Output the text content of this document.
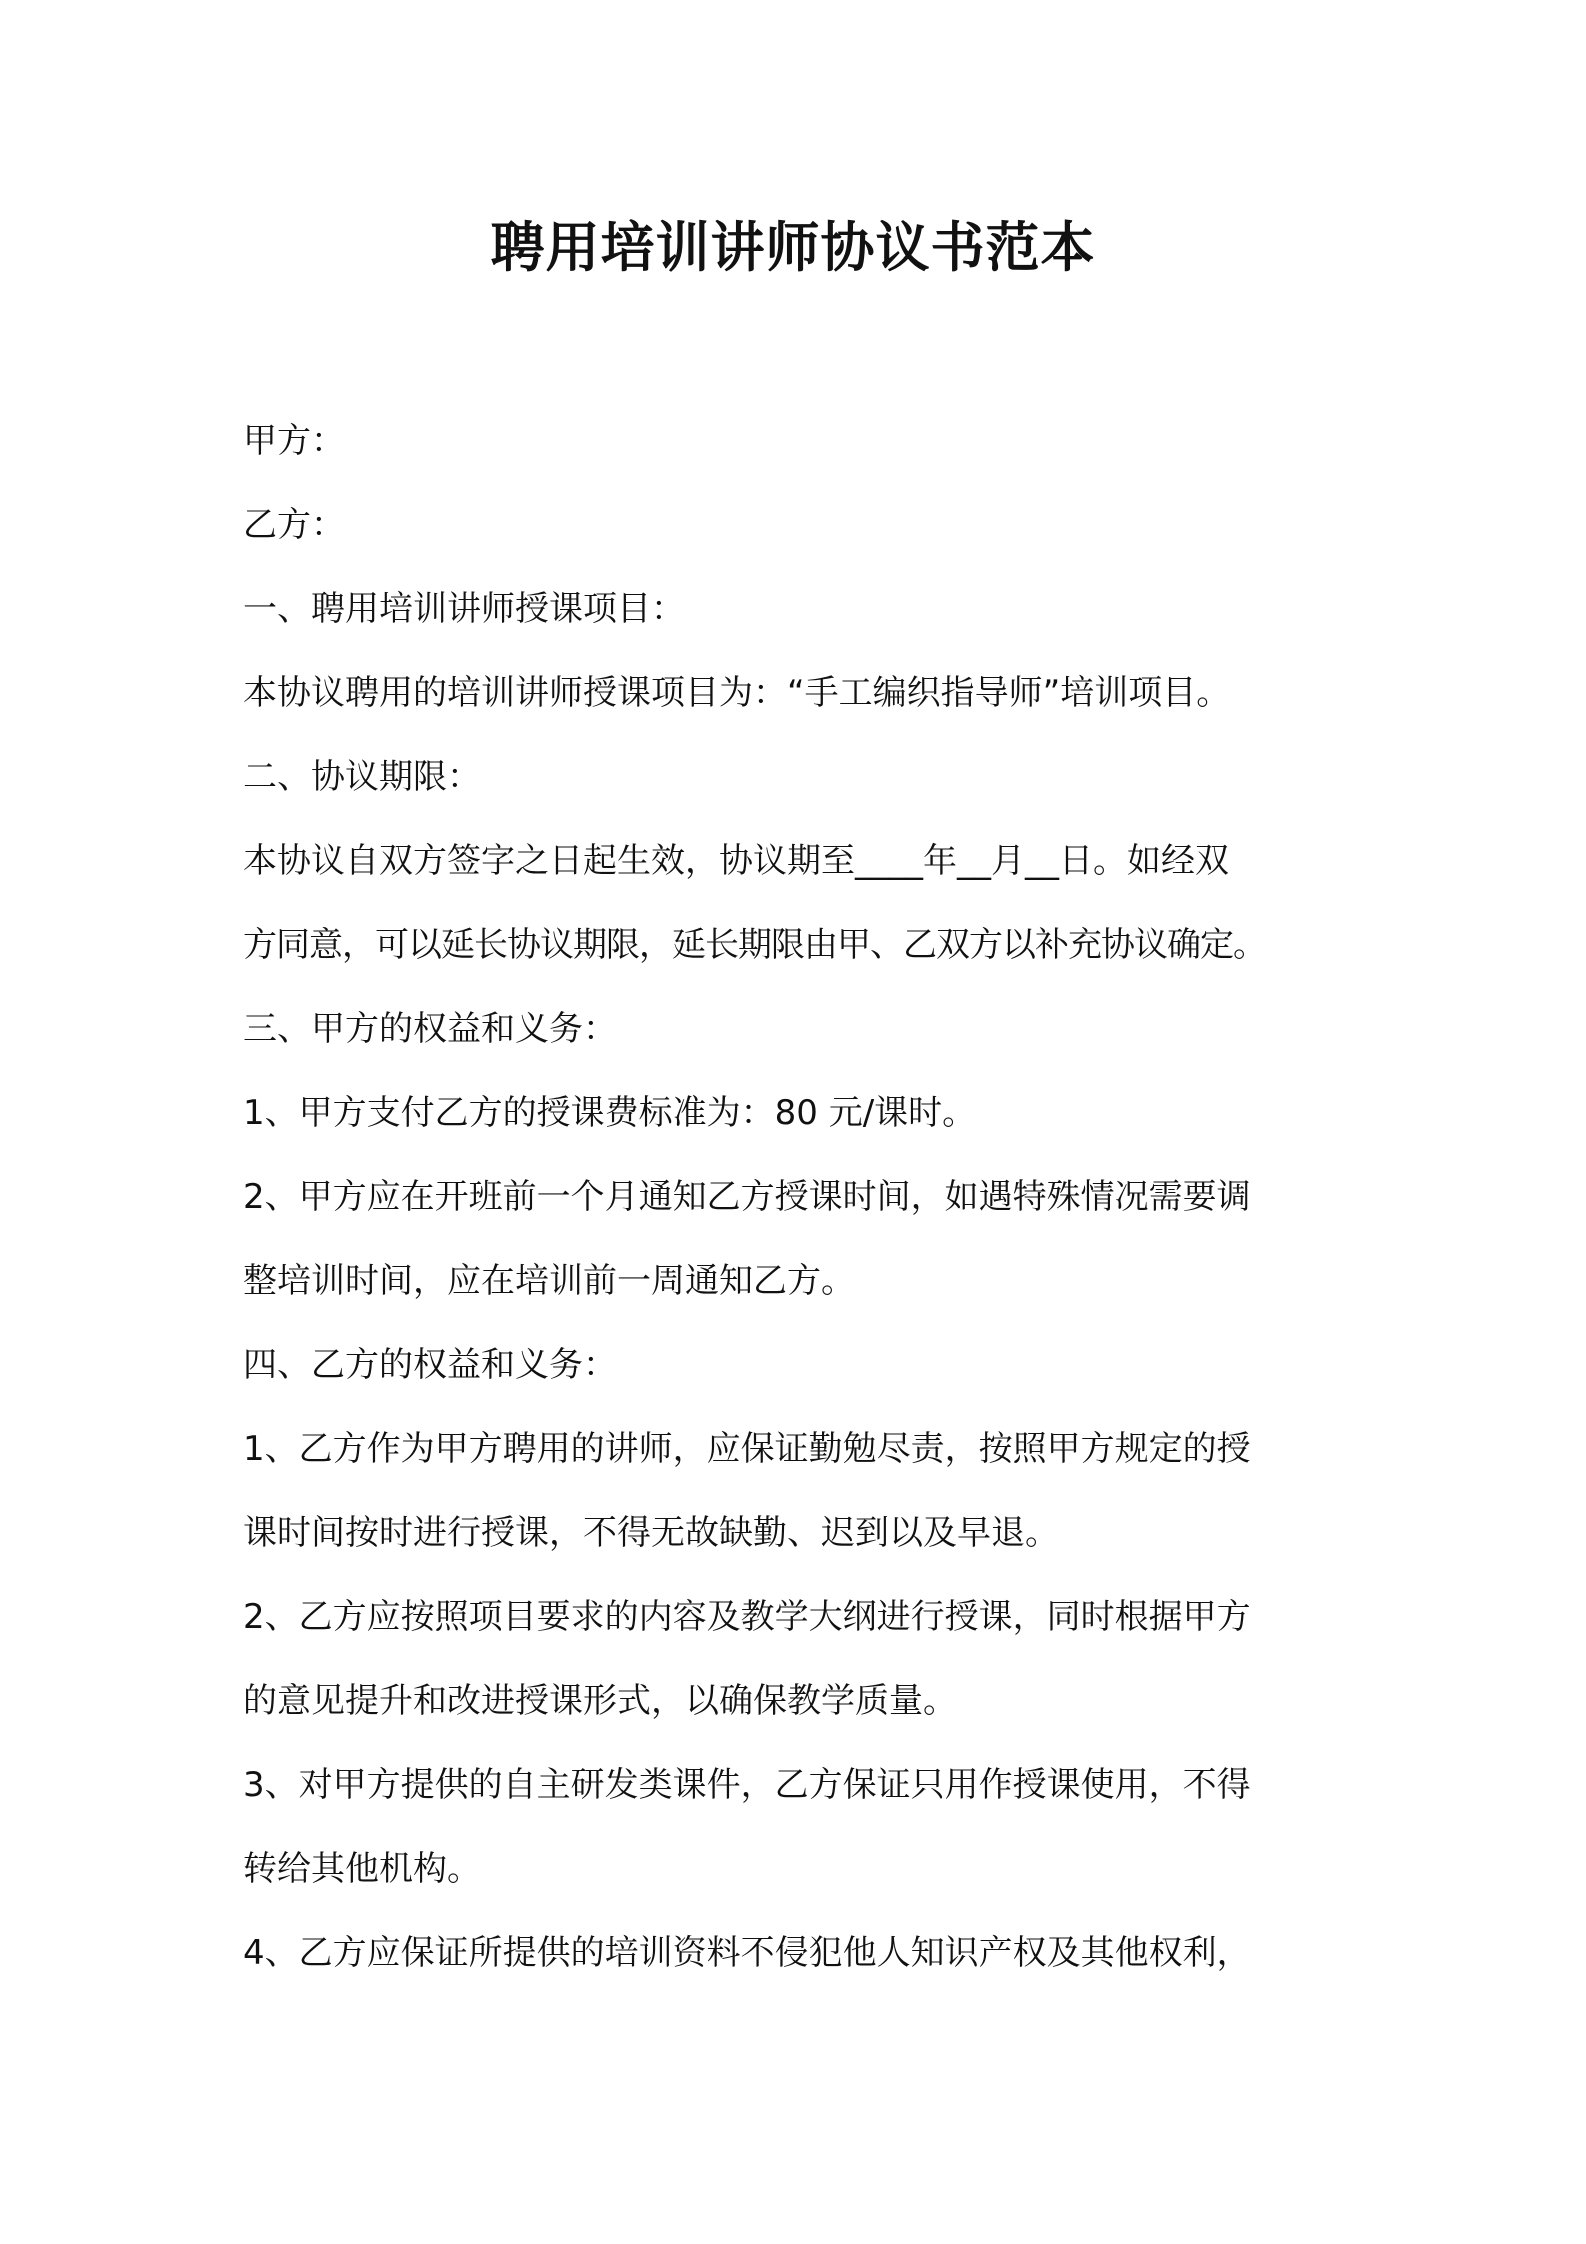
聘用培训讲师协议书范本
甲方：
乙方：
一、聘用培训讲师授课项目：
本协议聘用的培训讲师授课项目为：“手工编织指导师”培训项目。
二、协议期限：
本协议自双方签字之日起生效，协议期至____年__月__日。如经双
方同意，可以延长协议期限，延长期限由甲、乙双方以补充协议确定。
三、甲方的权益和义务：
1、甲方支付乙方的授课费标准为：80 元/课时。
2、甲方应在开班前一个月通知乙方授课时间，如遇特殊情况需要调
整培训时间，应在培训前一周通知乙方。
四、乙方的权益和义务：
1、乙方作为甲方聘用的讲师，应保证勤勉尽责，按照甲方规定的授
课时间按时进行授课，不得无故缺勤、迟到以及早退。
2、乙方应按照项目要求的内容及教学大纲进行授课，同时根据甲方
的意见提升和改进授课形式，以确保教学质量。
3、对甲方提供的自主研发类课件，乙方保证只用作授课使用，不得
转给其他机构。
4、乙方应保证所提供的培训资料不侵犯他人知识产权及其他权利，
